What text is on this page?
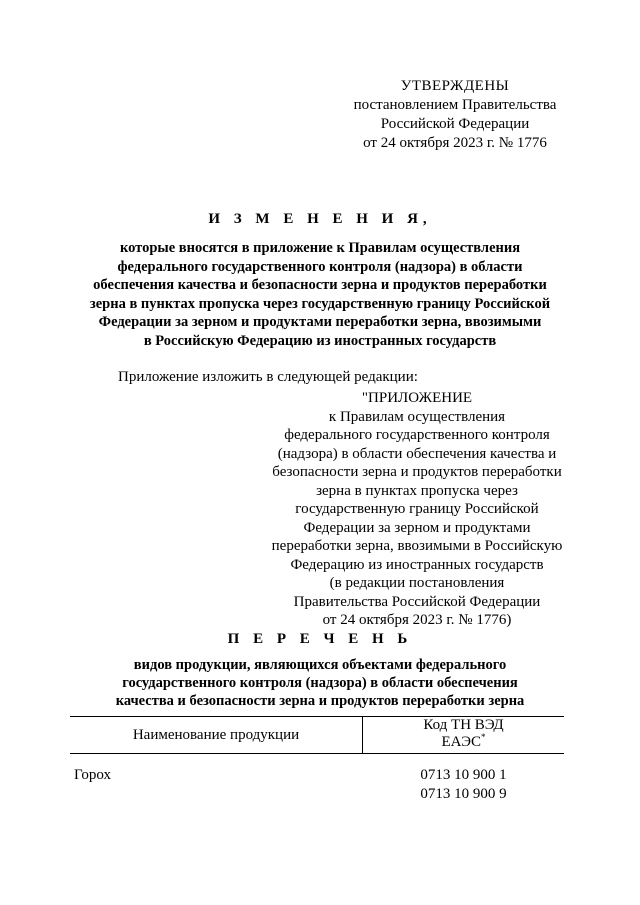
УТВЕРЖДЕНЫ
постановлением Правительства
Российской Федерации
от 24 октября 2023 г. № 1776
И З М Е Н Е Н И Я,
которые вносятся в приложение к Правилам осуществления
федерального государственного контроля (надзора) в области
обеспечения качества и безопасности зерна и продуктов переработки
зерна в пунктах пропуска через государственную границу Российской
Федерации за зерном и продуктами переработки зерна, ввозимыми
в Российскую Федерацию из иностранных государств
Приложение изложить в следующей редакции:
"ПРИЛОЖЕНИЕ
к Правилам осуществления
федерального государственного контроля
(надзора) в области обеспечения качества и
безопасности зерна и продуктов переработки
зерна в пунктах пропуска через
государственную границу Российской
Федерации за зерном и продуктами
переработки зерна, ввозимыми в Российскую
Федерацию из иностранных государств
(в редакции постановления
Правительства Российской Федерации
от 24 октября 2023 г. № 1776)
П Е Р Е Ч Е Н Ь
видов продукции, являющихся объектами федерального
государственного контроля (надзора) в области обеспечения
качества и безопасности зерна и продуктов переработки зерна
Наименование продукции
Код ТН ВЭД
ЕАЭС*
Горох	0713 10 900 1
0713 10 900 9
